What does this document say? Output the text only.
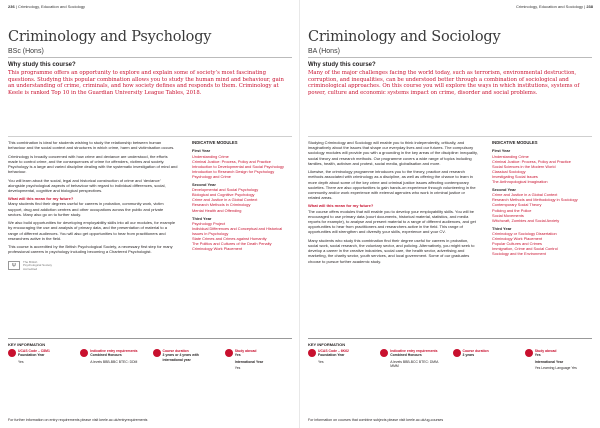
236 | Criminology, Education and Sociology
Criminology and Psychology
BSc (Hons)
Why study this course?
This programme offers an opportunity to explore and explain some of society’s most fascinating questions. Studying this popular combination allows you to study the human mind and behaviour, gain an understanding of crime, criminals, and how society defines and responds to them. Criminology at Keele is ranked Top 10 in the Guardian University League Tables, 2018.

This combination is ideal for students wishing to study the relationship between human behaviour and the social context and structures in which crime, harm and victimisation occurs.

Criminology is broadly concerned with how crime and deviance are understood, the efforts made to control crime, and the consequences of crime for offenders, victims and society. Psychology is a large and varied discipline dealing with the systematic investigation of mind and behaviour.

You will learn about the social, legal and historical construction of crime and ‘deviance’ alongside psychological aspects of behaviour with regard to individual differences, social, developmental, cognitive and biological perspectives.

What will this mean for my future?

Many students find their degrees useful for careers in probation, community work, victim support, drug and addiction centres and other occupations across the public and private sectors. Many also go on to further study.

We also build opportunities for developing employability skills into all our modules, for example by encouraging the use and analysis of primary data, and the presentation of material to a range of different audiences. You will also get opportunities to hear from practitioners and researchers active in the field.

This course is accredited by the British Psychological Society, a necessary first step for many professional careers in psychology including becoming a Chartered Psychologist.

Ψ
The British
Psychological Society
Accredited
INDICATIVE MODULES
First Year
Understanding Crime
Criminal Justice: Process, Policy and Practice
Introduction to Developmental and Social Psychology
Introduction to Research Design for Psychology
Psychology and Crime
Second Year
Developmental and Social Psychology
Biological and Cognitive Psychology
Crime and Justice in a Global Context
Research Methods in Criminology
Mental Health and Offending
Third Year
Psychology Project
Individual Differences and Conceptual and Historical Issues in Psychology
State Crimes and Crimes against Humanity
The Politics and Cultures of the Death Penalty
Criminology Work Placement
KEY INFORMATION
UCAS Code – C8M1
Foundation Year
Yes
Indicative entry requirements
Combined Honours
A levels BBB-BBC BTEC: DDM
Course duration
3 years or 4 years with international year
Study abroad
Yes
International Year
Yes
For further information on entry requirements please visit keele.ac.uk/entryrequirements
Criminology, Education and Sociology | 238
Criminology and Sociology
BA (Hons)
Why study this course?
Many of the major challenges facing the world today, such as terrorism, environmental destruction, corruption, and inequalities, can be understood better through a combination of sociological and criminological approaches. On this course you will explore the ways in which institutions, systems of power, culture and economic systems impact on crime, disorder and social problems.

Studying Criminology and Sociology will enable you to think independently, critically, and imaginatively about the issues that shape our everyday lives and our futures. The compulsory sociology modules will provide you with a grounding in the key areas of the discipline: inequality, social theory and research methods. Our programme covers a wide range of topics including families, health, activism and protest, social media, globalisation and more.

Likewise, the criminology programme introduces you to the theory, practice and research methods associated with criminology as a discipline, as well as offering the chance to learn in more depth about some of the key crime and criminal justice issues affecting contemporary societies. There are also opportunities to gain hands-on experience through volunteering in the community and/or work experience with external agencies who work in criminal justice or related areas.

What will this mean for my future?

The course offers modules that will enable you to develop your employability skills. You will be encouraged to use primary data (court documents, historical material, statistics, and media reports for example), to analyse and present material to a range of different audiences, and get opportunities to hear from practitioners and researchers active in the field. This range of opportunities will strengthen and diversify your skills, experience and your CV.

Many students who study this combination find their degree useful for careers in probation, social work, social research, the voluntary sector, and policing. Alternatively, you might seek to develop a career in the creative industries, social care, the health sector, advertising and marketing, the charity sector, youth services, and local government. Some of our graduates choose to pursue further academic study.

INDICATIVE MODULES
First Year
Understanding Crime
Criminal Justice: Process, Policy and Practice
Social Sciences in the Modern World
Classical Sociology
Investigating Social Issues
The Anthropological Imagination
Second Year
Crime and Justice in a Global Context
Research Methods and Methodology in Sociology
Contemporary Social Theory
Policing and the Police
Social Movements
Witchcraft, Zombies and Social Anxiety
Third Year
Criminology or Sociology Dissertation
Criminology Work Placement
Popular Cultures and Crimes
Immigration, Crime and Social Control
Sociology and the Environment
KEY INFORMATION
UCAS Code – 6K62
Foundation Year
Yes
Indicative entry requirements
Combined Honours
A levels BBB-BCC BTEC: DMM-MMM
Course duration
3 years
Study abroad
Yes
International Year
Yes Learning Language Yes
For information on courses that combine subjects please visit keele.ac.uk/ug-courses
